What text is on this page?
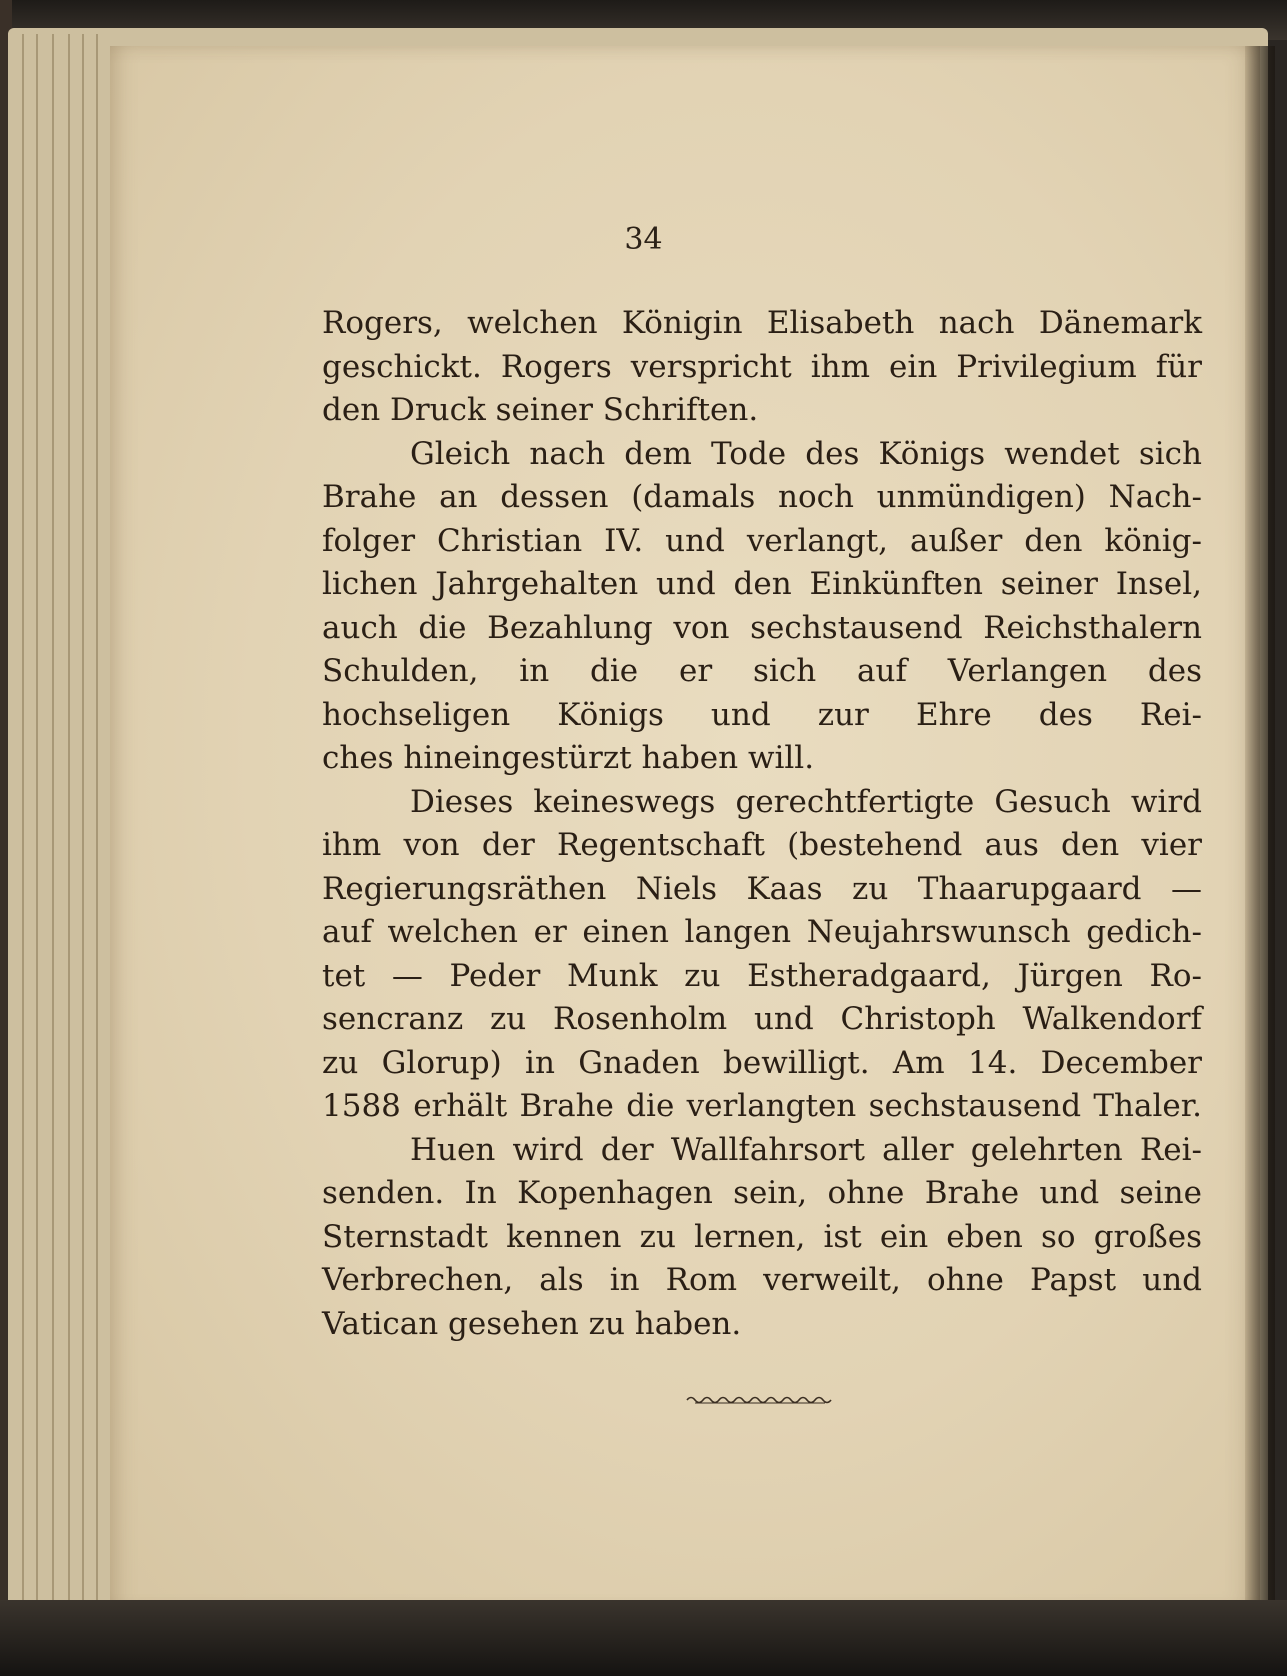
34
Rogers, welchen Königin Elisabeth nach Dänemark
geschickt. Rogers verspricht ihm ein Privilegium für
den Druck seiner Schriften.
Gleich nach dem Tode des Königs wendet sich
Brahe an dessen (damals noch unmündigen) Nach-
folger Christian IV. und verlangt, außer den könig-
lichen Jahrgehalten und den Einkünften seiner Insel,
auch die Bezahlung von sechstausend Reichsthalern
Schulden, in die er sich auf Verlangen des
hochseligen Königs und zur Ehre des Rei-
ches hineingestürzt haben will.
Dieses keineswegs gerechtfertigte Gesuch wird
ihm von der Regentschaft (bestehend aus den vier
Regierungsräthen Niels Kaas zu Thaarupgaard —
auf welchen er einen langen Neujahrswunsch gedich-
tet — Peder Munk zu Estheradgaard, Jürgen Ro-
sencranz zu Rosenholm und Christoph Walkendorf
zu Glorup) in Gnaden bewilligt. Am 14. December
1588 erhält Brahe die verlangten sechstausend Thaler.
Huen wird der Wallfahrsort aller gelehrten Rei-
senden. In Kopenhagen sein, ohne Brahe und seine
Sternstadt kennen zu lernen, ist ein eben so großes
Verbrechen, als in Rom verweilt, ohne Papst und
Vatican gesehen zu haben.
